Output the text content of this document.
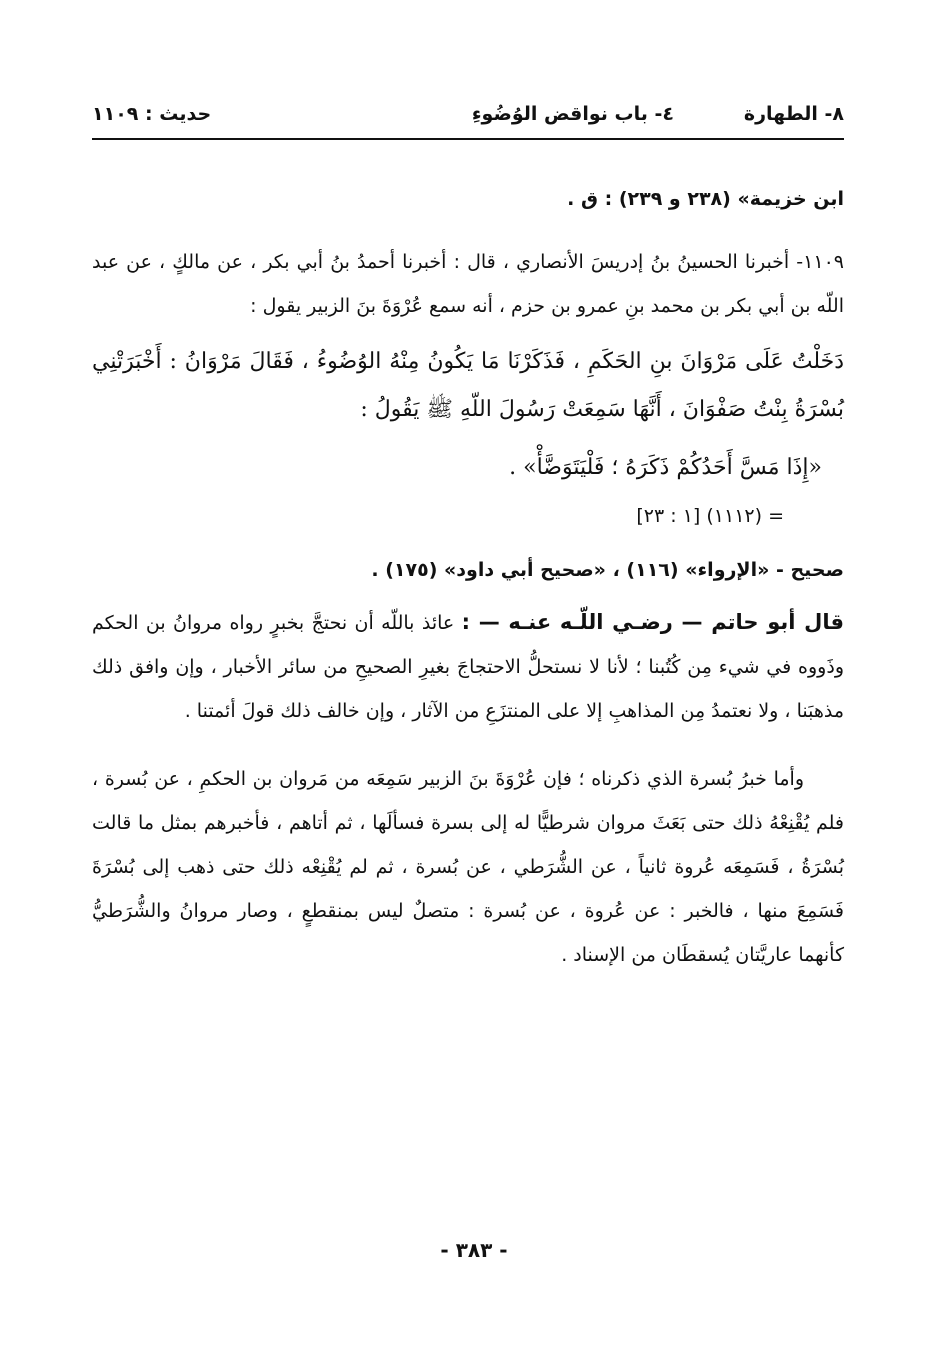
٨- الطهارة
٤- باب نواقض الوُضُوءِ
حديث : ١١٠٩

ابن خزيمة» (٢٣٨ و ٢٣٩) : ق .

١١٠٩- أخبرنا الحسينُ بنُ إدريسَ الأنصاري ، قال : أخبرنا أحمدُ بنُ أبي بكر ، عن مالكٍ ، عن عبد اللّه بن أبي بكر بن محمد بنِ عمرو بن حزم ، أنه سمع عُرْوَةَ بنَ الزبير يقول :

دَخَلْتُ عَلَى مَرْوَانَ بنِ الحَكَمِ ، فَذَكَرْنَا مَا يَكُونُ مِنْهُ الوُضُوءُ ، فَقَالَ مَرْوَانُ : أَخْبَرَتْنِي بُسْرَةُ بِنْتُ صَفْوَانَ ، أَنَّهَا سَمِعَتْ رَسُولَ اللّهِ ﷺ يَقُولُ :

«إِذَا مَسَّ أَحَدُكُمْ ذَكَرَهُ ؛ فَلْيَتَوَضَّأْ» .

= (١١١٢) [١ : ٢٣]

صحيح - «الإرواء» (١١٦) ، «صحيح أبي داود» (١٧٥) .

قال أبو حاتم — رضـي اللّـه عنـه — : عائذ باللّه أن نحتجَّ بخبرٍ رواه مروانُ بن الحكم وذَووه في شيء مِن كُتُبنا ؛ لأنا لا نستحلُّ الاحتجاجَ بغيرِ الصحيحِ من سائر الأخبار ، وإن وافق ذلك مذهبَنا ، ولا نعتمدُ مِن المذاهبِ إلا على المنتزَعِ من الآثار ، وإن خالف ذلك قولَ أئمتنا .

وأما خبرُ بُسرة الذي ذكرناه ؛ فإن عُرْوَةَ بنَ الزبير سَمِعَه من مَروان بن الحكمِ ، عن بُسرة ، فلم يُقْنِعْهُ ذلك حتى بَعَثَ مروان شرطيًّا له إلى بسرة فسألَها ، ثم أتاهم ، فأخبرهم بمثل ما قالت بُسْرَةُ ، فَسَمِعَه عُروة ثانياً ، عن الشُّرَطي ، عن بُسرة ، ثم لم يُقْنِعْه ذلك حتى ذهب إلى بُسْرَةَ فَسَمِعَ منها ، فالخبر : عن عُروة ، عن بُسرة : متصلٌ ليس بمنقطعٍ ، وصار مروانُ والشُّرَطيُّ كأنهما عاريَّتان يُسقطَان من الإسناد .

- ٣٨٣ -
